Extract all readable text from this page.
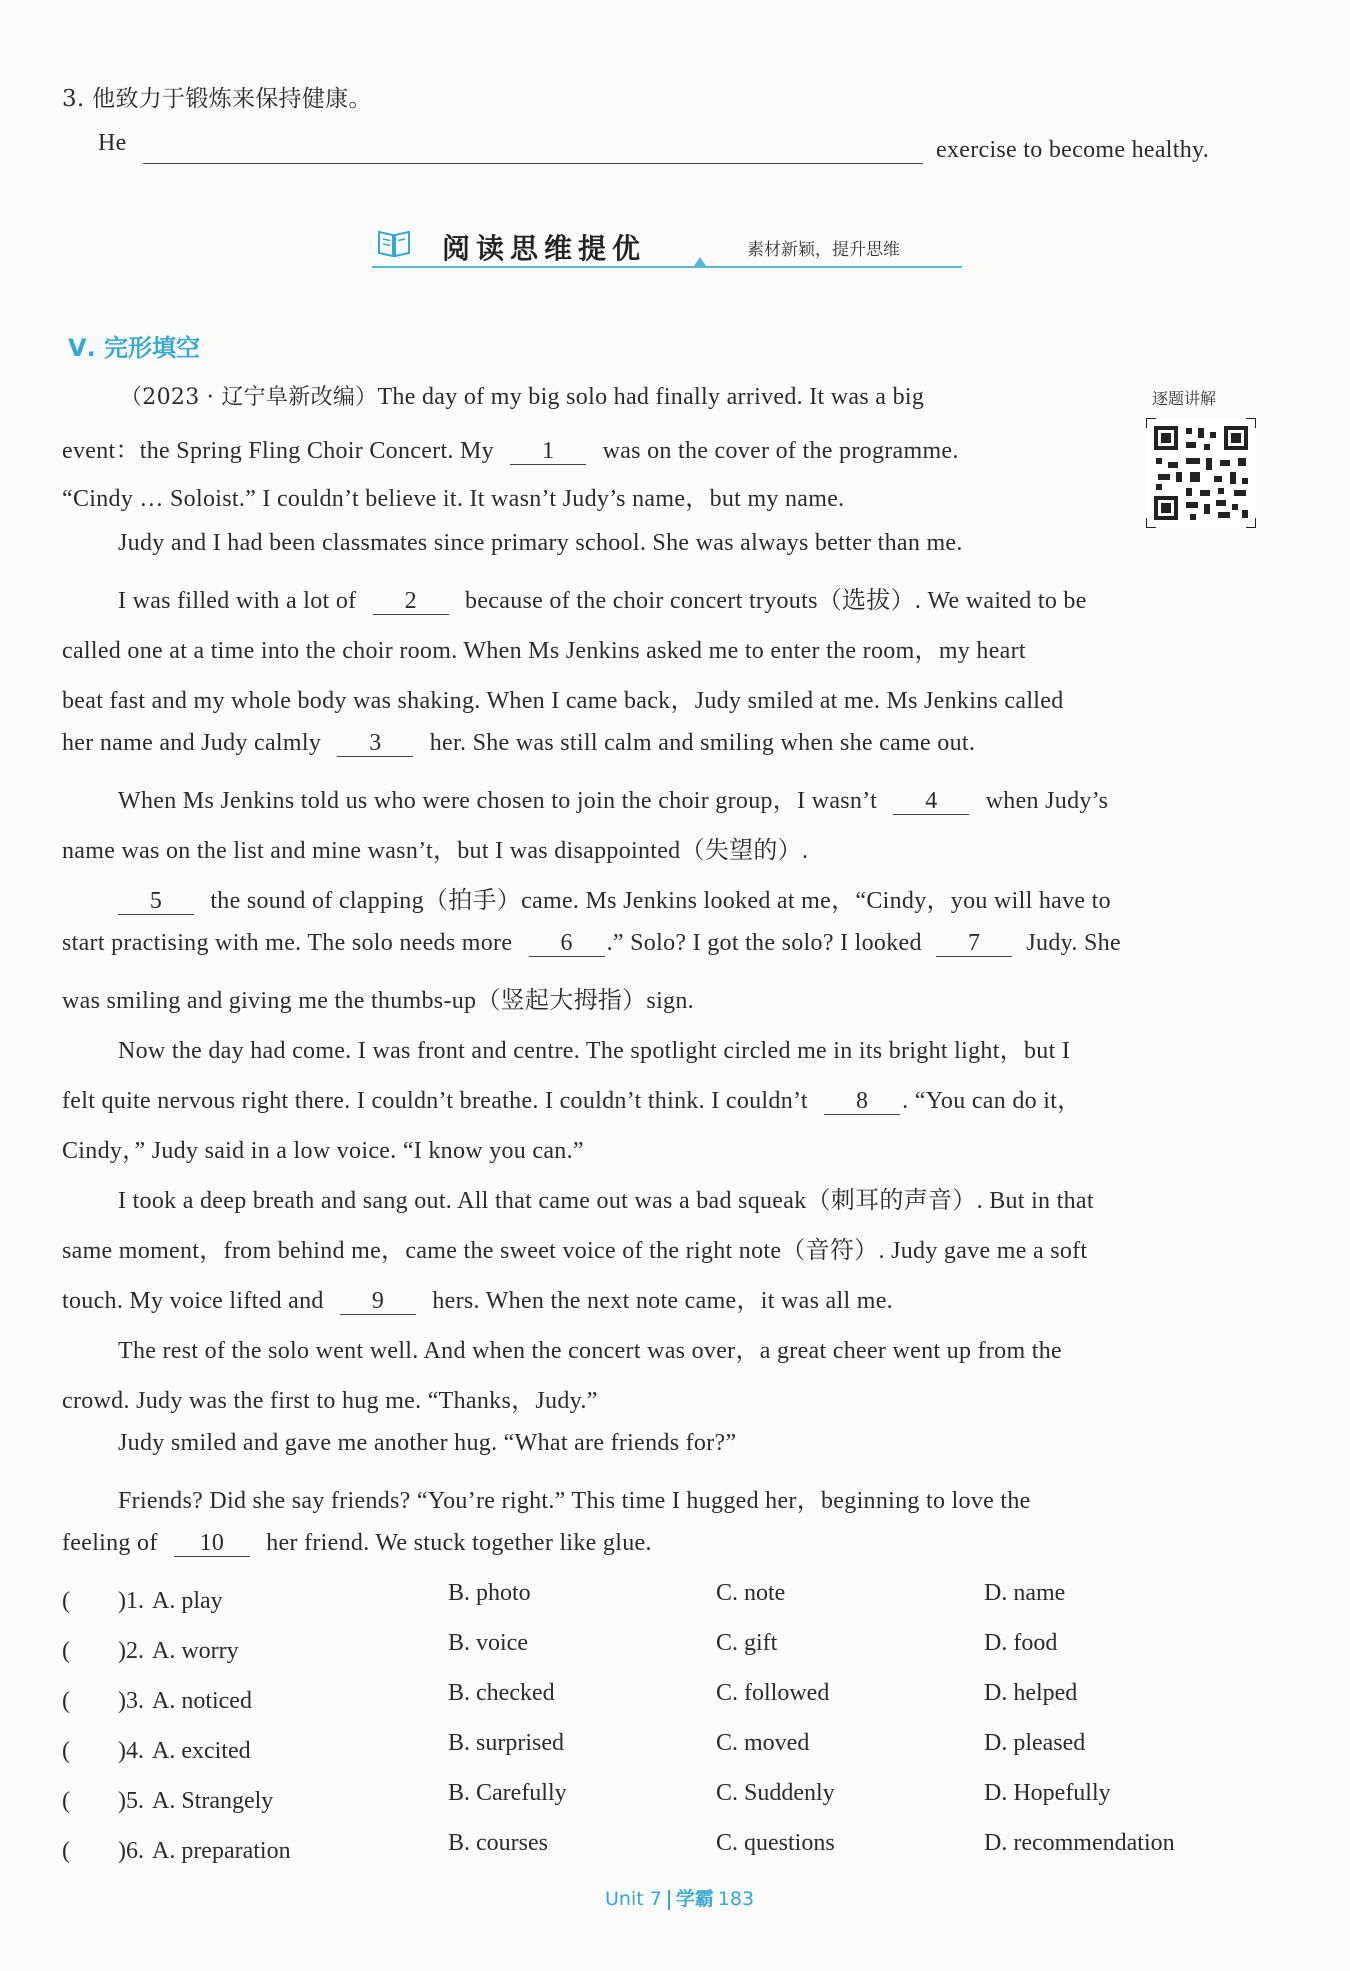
3. 他致力于锻炼来保持健康。
He	exercise to become healthy.
阅读思维提优	素材新颖，提升思维
Ⅴ. 完形填空
逐题讲解
（2023 · 辽宁阜新改编）The day of my big solo had finally arrived. It was a big
event：the Spring Fling Choir Concert. My 1 was on the cover of the programme.
“Cindy … Soloist.” I couldn’t believe it. It wasn’t Judy’s name，but my name.
Judy and I had been classmates since primary school. She was always better than me.
I was filled with a lot of 2 because of the choir concert tryouts（选拔）. We waited to be
called one at a time into the choir room. When Ms Jenkins asked me to enter the room，my heart
beat fast and my whole body was shaking. When I came back，Judy smiled at me. Ms Jenkins called
her name and Judy calmly 3 her. She was still calm and smiling when she came out.
When Ms Jenkins told us who were chosen to join the choir group，I wasn’t 4 when Judy’s
name was on the list and mine wasn’t，but I was disappointed（失望的）.
5 the sound of clapping（拍手）came. Ms Jenkins looked at me，“Cindy，you will have to
start practising with me. The solo needs more 6 .” Solo? I got the solo? I looked 7 Judy. She
was smiling and giving me the thumbs-up（竖起大拇指）sign.
Now the day had come. I was front and centre. The spotlight circled me in its bright light，but I
felt quite nervous right there. I couldn’t breathe. I couldn’t think. I couldn’t 8 . “You can do it，
Cindy，” Judy said in a low voice. “I know you can.”
I took a deep breath and sang out. All that came out was a bad squeak（刺耳的声音）. But in that
same moment，from behind me，came the sweet voice of the right note（音符）. Judy gave me a soft
touch. My voice lifted and 9 hers. When the next note came，it was all me.
The rest of the solo went well. And when the concert was over，a great cheer went up from the
crowd. Judy was the first to hug me. “Thanks，Judy.”
Judy smiled and gave me another hug. “What are friends for?”
Friends? Did she say friends? “You’re right.” This time I hugged her，beginning to love the
feeling of 10 her friend. We stuck together like glue.
(　　)1. A. play	B. photo	C. note	D. name
(　　)2. A. worry	B. voice	C. gift	D. food
(　　)3. A. noticed	B. checked	C. followed	D. helped
(　　)4. A. excited	B. surprised	C. moved	D. pleased
(　　)5. A. Strangely	B. Carefully	C. Suddenly	D. Hopefully
(　　)6. A. preparation	B. courses	C. questions	D. recommendation
Unit 7 学霸 183
